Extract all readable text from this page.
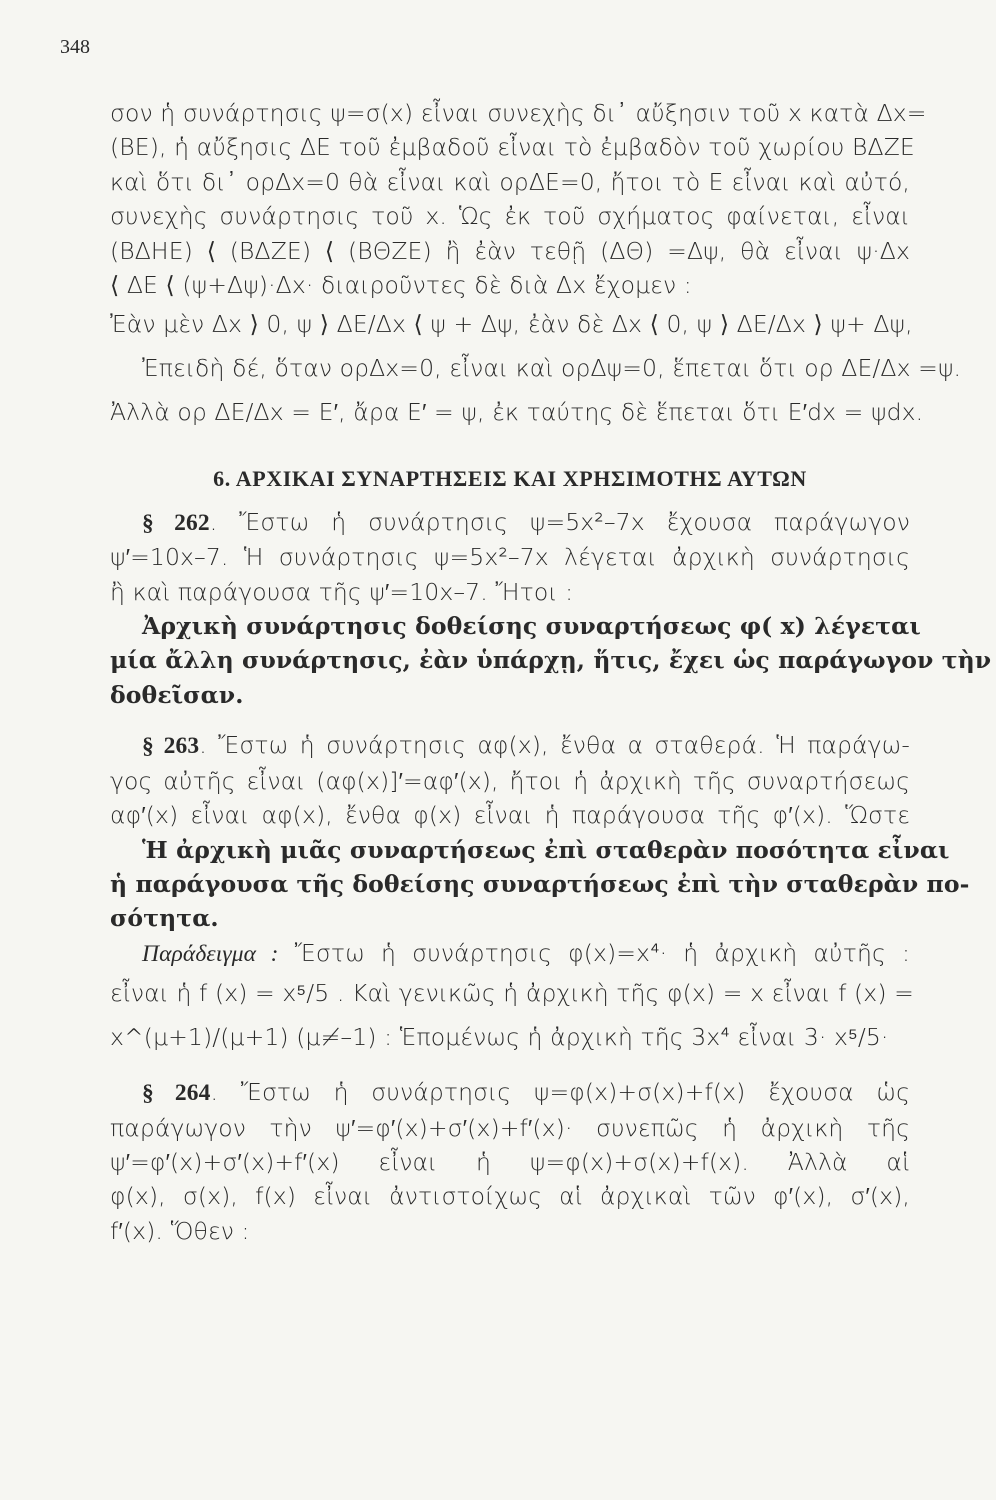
348
σον ἡ συνάρτησις ψ=σ(x) εἶναι συνεχὴς δι᾿ αὔξησιν τοῦ x κατὰ Δx=
(ΒΕ), ἡ αὔξησις ΔΕ τοῦ ἐμβαδοῦ εἶναι τὸ ἐμβαδὸν τοῦ χωρίου ΒΔΖΕ
καὶ ὅτι δι᾿ ορΔx=0 θὰ εἶναι καὶ ορΔΕ=0, ἤτοι τὸ Ε εἶναι καὶ αὐτό,
συνεχὴς συνάρτησις τοῦ x. Ὡς ἐκ τοῦ σχήματος φαίνεται, εἶναι
(ΒΔΗΕ) ⟨ (ΒΔΖΕ) ⟨ (ΒΘΖΕ) ἢ ἐὰν τεθῇ (ΔΘ) =Δψ, θὰ εἶναι ψ·Δx
⟨ ΔΕ ⟨ (ψ+Δψ)·Δx· διαιροῦντες δὲ διὰ Δx ἔχομεν :
Ἐὰν μὲν Δx ⟩ 0, ψ ⟩ ΔΕ/Δx ⟨ ψ + Δψ, ἐὰν δὲ Δx ⟨ 0, ψ ⟩ ΔΕ/Δx ⟩ ψ+ Δψ,
Ἐπειδὴ δέ, ὅταν ορΔx=0, εἶναι καὶ ορΔψ=0, ἕπεται ὅτι ορ ΔΕ/Δx =ψ.
Ἀλλὰ ορ ΔΕ/Δx = Ε′, ἄρα Ε′ = ψ, ἐκ ταύτης δὲ ἕπεται ὅτι Ε′dx = ψdx.
6. ΑΡΧΙΚΑΙ ΣΥΝΑΡΤΗΣΕΙΣ ΚΑΙ ΧΡΗΣΙΜΟΤΗΣ ΑΥΤΩΝ
§ 262. Ἔστω ἡ συνάρτησις ψ=5x²–7x ἔχουσα παράγωγον
ψ′=10x–7. Ἡ συνάρτησις ψ=5x²–7x λέγεται ἀρχικὴ συνάρτησις
ἢ καὶ παράγουσα τῆς ψ′=10x–7. Ἤτοι :
Ἀρχικὴ συνάρτησις δοθείσης συναρτήσεως φ( x) λέγεται
μία ἄλλη συνάρτησις, ἐὰν ὑπάρχῃ, ἥτις, ἔχει ὡς παράγωγον τὴν
δοθεῖσαν.
§ 263. Ἔστω ἡ συνάρτησις αφ(x), ἔνθα α σταθερά. Ἡ παράγω-
γος αὐτῆς εἶναι (αφ(x)]′=αφ′(x), ἤτοι ἡ ἀρχικὴ τῆς συναρτήσεως
αφ′(x) εἶναι αφ(x), ἔνθα φ(x) εἶναι ἡ παράγουσα τῆς φ′(x). Ὥστε
Ἡ ἀρχικὴ μιᾶς συναρτήσεως ἐπὶ σταθερὰν ποσότητα εἶναι
ἡ παράγουσα τῆς δοθείσης συναρτήσεως ἐπὶ τὴν σταθερὰν πο-
σότητα.
Παράδειγμα : Ἔστω ἡ συνάρτησις φ(x)=x⁴· ἡ ἀρχικὴ αὐτῆς :
εἶναι ἡ f (x) = x⁵/5 . Καὶ γενικῶς ἡ ἀρχικὴ τῆς φ(x) = x εἶναι f (x) =
x^(μ+1)/(μ+1) (μ≠–1) : Ἑπομένως ἡ ἀρχικὴ τῆς 3x⁴ εἶναι 3· x⁵/5·
§ 264. Ἔστω ἡ συνάρτησις ψ=φ(x)+σ(x)+f(x) ἔχουσα ὡς
παράγωγον τὴν ψ′=φ′(x)+σ′(x)+f′(x)· συνεπῶς ἡ ἀρχικὴ τῆς
ψ′=φ′(x)+σ′(x)+f′(x) εἶναι ἡ ψ=φ(x)+σ(x)+f(x). Ἀλλὰ αἱ
φ(x), σ(x), f(x) εἶναι ἀντιστοίχως αἱ ἀρχικαὶ τῶν φ′(x), σ′(x),
f′(x). Ὅθεν :
